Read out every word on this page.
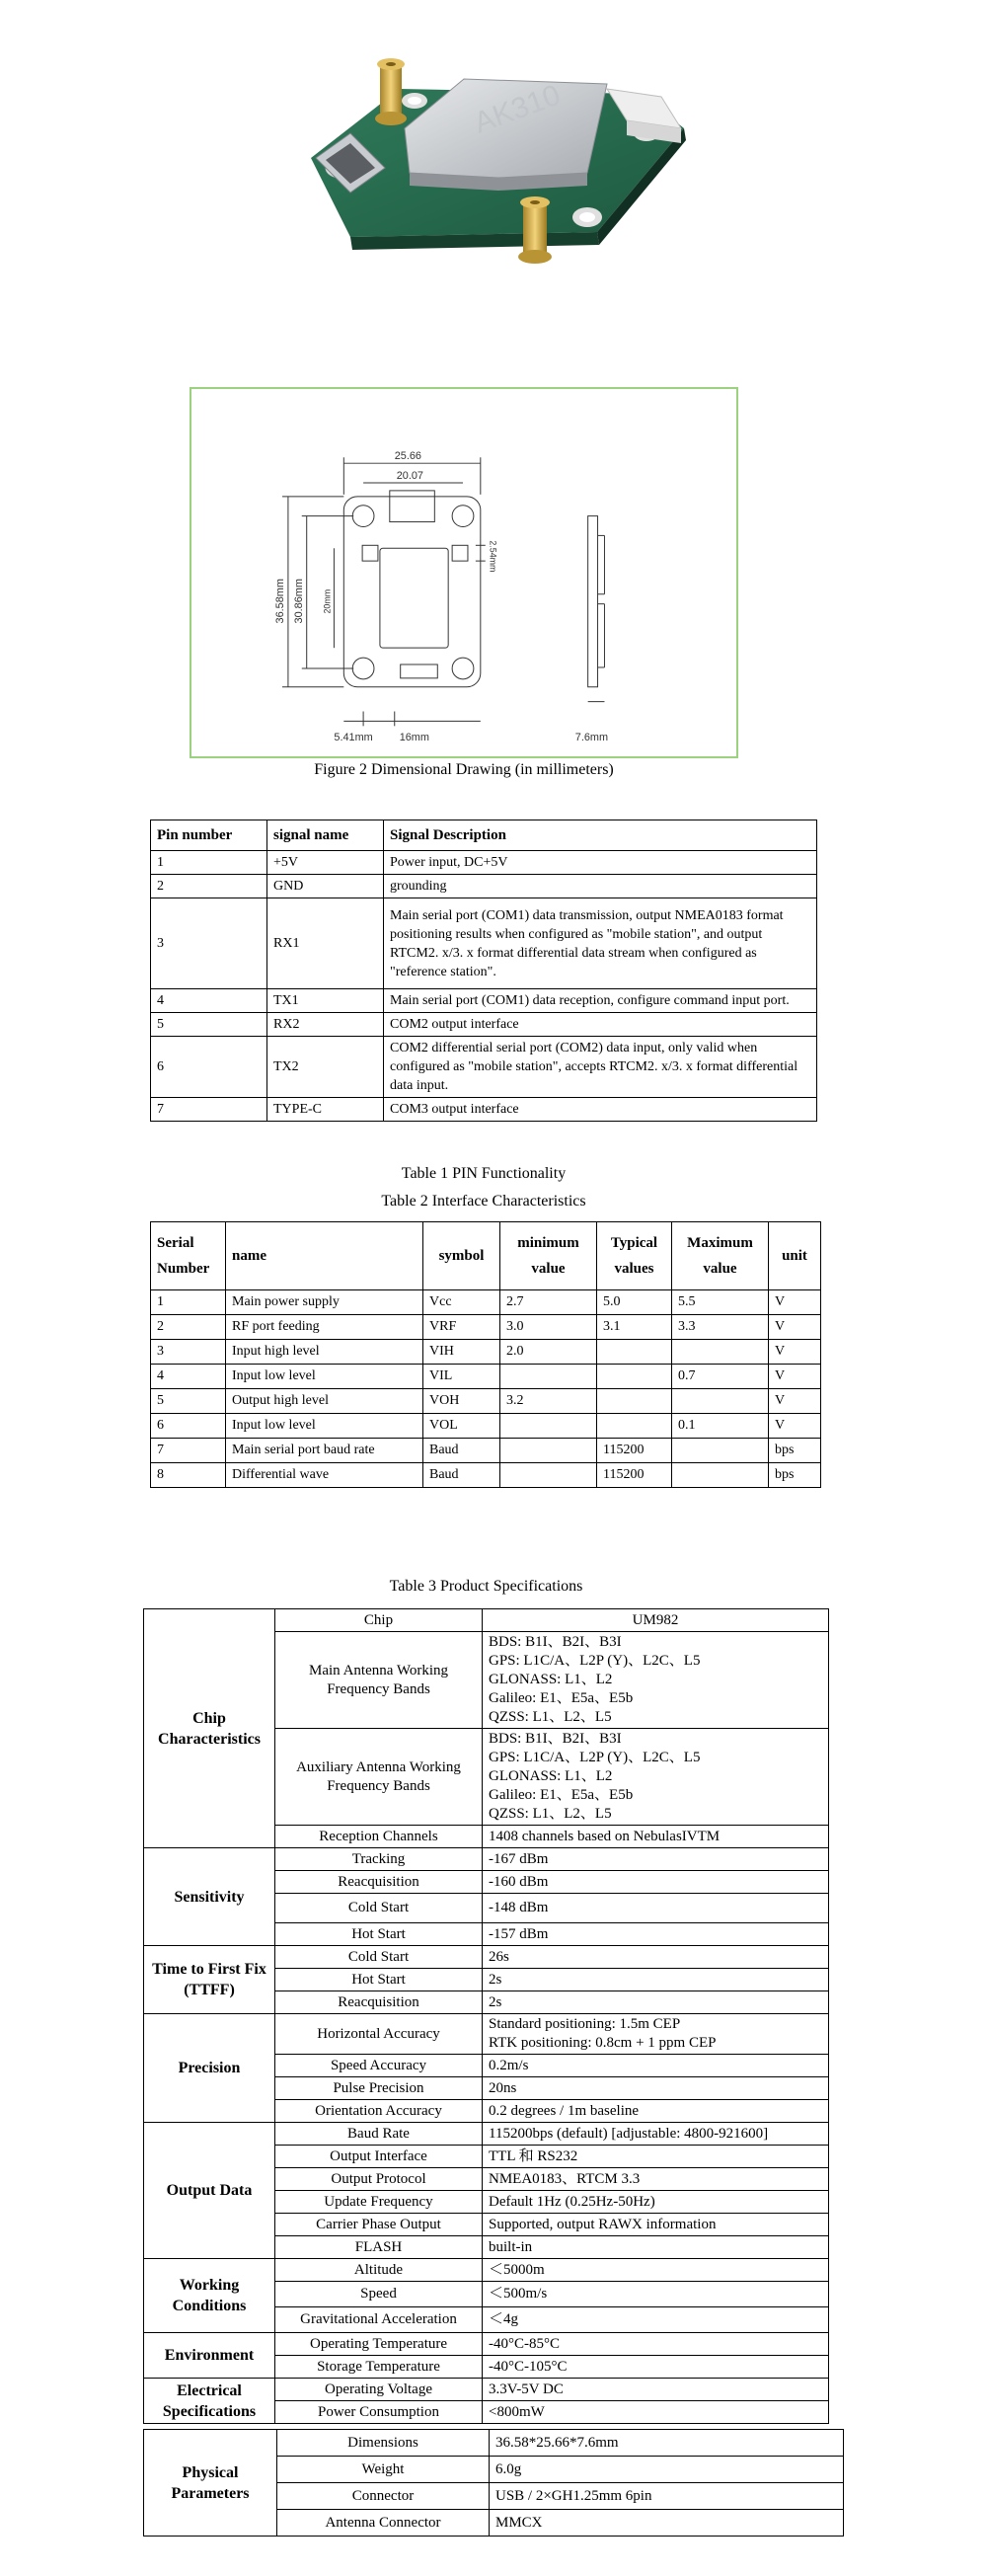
AK310
25.66
20.07
36.58mm 30.86mm 20mm
2.54mm
5.41mm 16mm	7.6mm
Figure 2 Dimensional Drawing (in millimeters)
Pin number	signal name	Signal Description
1	+5V	Power input, DC+5V
2	GND	grounding
3	RX1	Main serial port (COM1) data transmission, output NMEA0183 format positioning results when configured as "mobile station", and output RTCM2. x/3. x format differential data stream when configured as "reference station".
4	TX1	Main serial port (COM1) data reception, configure command input port.
5	RX2	COM2 output interface
6	TX2	COM2 differential serial port (COM2) data input, only valid when configured as "mobile station", accepts RTCM2. x/3. x format differential data input.
7	TYPE-C	COM3 output interface
Table 1 PIN Functionality
Table 2 Interface Characteristics
Serial Number	name	symbol	minimum value	Typical values	Maximum value	unit
1	Main power supply	Vcc	2.7	5.0	5.5	V
2	RF port feeding	VRF	3.0	3.1	3.3	V
3	Input high level	VIH	2.0			V
4	Input low level	VIL			0.7	V
5	Output high level	VOH	3.2			V
6	Input low level	VOL			0.1	V
7	Main serial port baud rate	Baud		115200		bps
8	Differential wave	Baud		115200		bps
Table 3 Product Specifications
Chip Characteristics	Chip	UM982
	Main Antenna Working Frequency Bands	BDS: B1I、B2I、B3I
GPS: L1C/A、L2P (Y)、L2C、L5
GLONASS: L1、L2
Galileo: E1、E5a、E5b
QZSS: L1、L2、L5

	Auxiliary Antenna Working Frequency Bands	BDS: B1I、B2I、B3I
GPS: L1C/A、L2P (Y)、L2C、L5
GLONASS: L1、L2
Galileo: E1、E5a、E5b
QZSS: L1、L2、L5

	Reception Channels	1408 channels based on NebulasIVTM
Sensitivity	Tracking	-167 dBm
	Reacquisition	-160 dBm
	Cold Start	-148 dBm
	Hot Start	-157 dBm
Time to First Fix (TTFF)	Cold Start	26s
	Hot Start	2s
	Reacquisition	2s
Precision	Horizontal Accuracy	Standard positioning: 1.5m CEP
RTK positioning: 0.8cm + 1 ppm CEP

	Speed Accuracy	0.2m/s
	Pulse Precision	20ns
	Orientation Accuracy	0.2 degrees / 1m baseline
Output Data	Baud Rate	115200bps (default) [adjustable: 4800-921600]
	Output Interface	TTL 和 RS232
	Output Protocol	NMEA0183、RTCM 3.3
	Update Frequency	Default 1Hz (0.25Hz-50Hz)
	Carrier Phase Output	Supported, output RAWX information
	FLASH	built-in
Working Conditions	Altitude	＜5000m
	Speed	＜500m/s
	Gravitational Acceleration	＜4g
Environment	Operating Temperature	-40°C-85°C
	Storage Temperature	-40°C-105°C
Electrical Specifications	Operating Voltage	3.3V-5V DC
	Power Consumption	<800mW
Physical Parameters	Dimensions	36.58*25.66*7.6mm
	Weight	6.0g
	Connector	USB / 2×GH1.25mm 6pin
	Antenna Connector	MMCX
